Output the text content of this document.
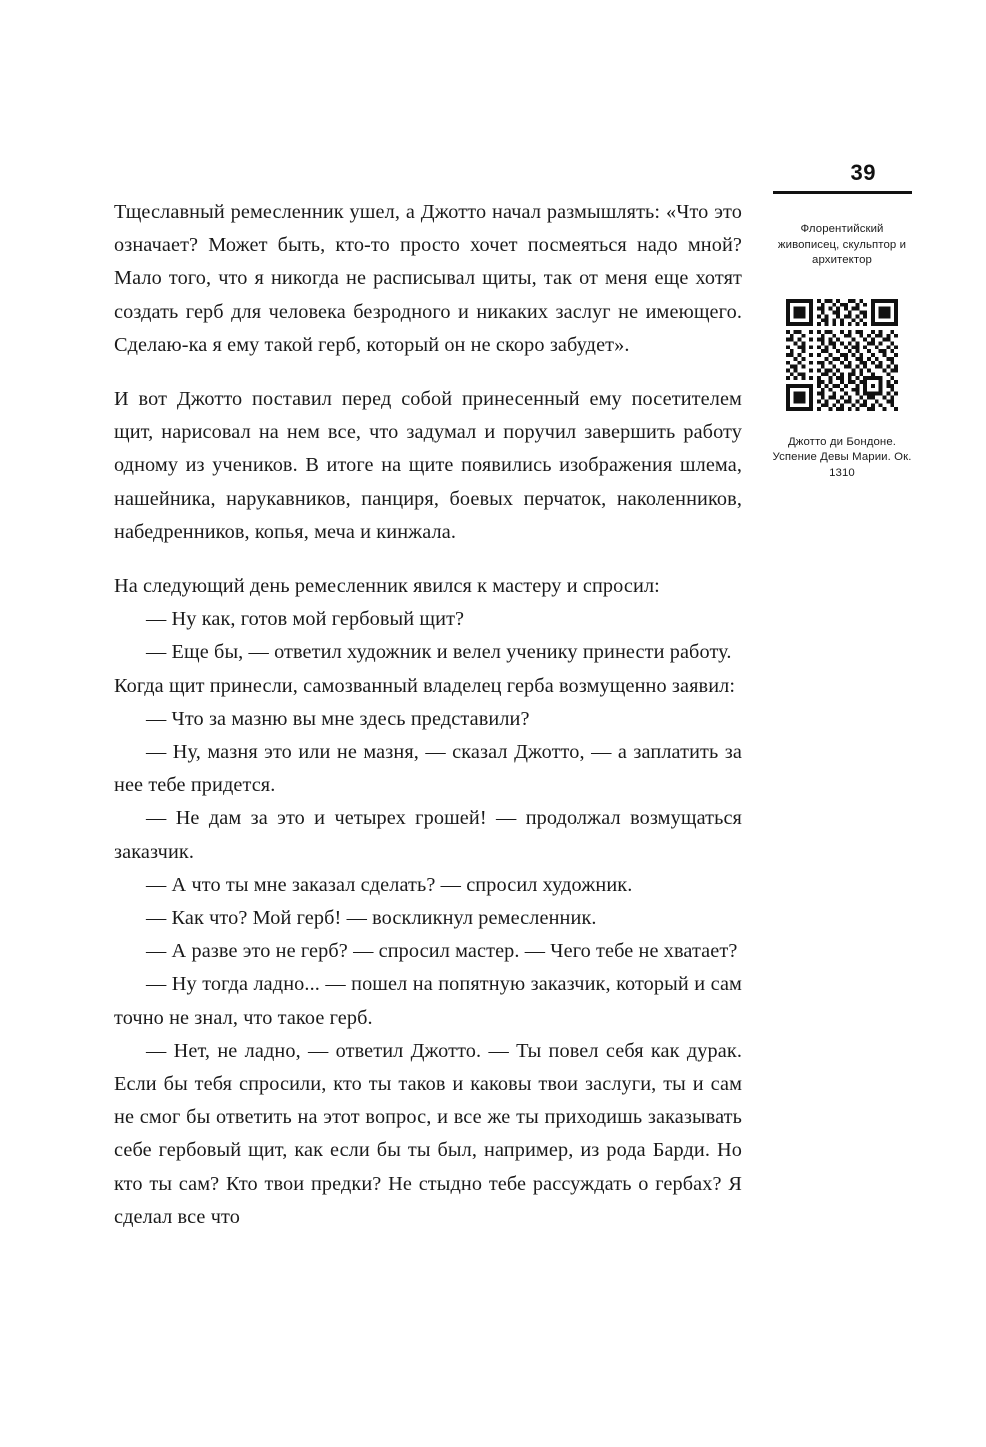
Тщеславный ремесленник ушел, а Джотто начал размышлять: «Что это означает? Может быть, кто-то просто хочет посмеяться надо мной? Мало того, что я никогда не расписывал щиты, так от меня еще хотят создать герб для человека безродного и никаких заслуг не имеющего. Сделаю-ка я ему такой герб, который он не скоро забудет».

И вот Джотто поставил перед собой принесенный ему посетителем щит, нарисовал на нем все, что задумал и поручил завершить работу одному из учеников. В итоге на щите появились изображения шлема, нашейника, нарукавников, панциря, боевых перчаток, наколенников, набедренников, копья, меча и кинжала.

На следующий день ремесленник явился к мастеру и спросил:

— Ну как, готов мой гербовый щит?

— Еще бы, — ответил художник и велел ученику принести работу.

Когда щит принесли, самозванный владелец герба возмущенно заявил:

— Что за мазню вы мне здесь представили?

— Ну, мазня это или не мазня, — сказал Джотто, — а заплатить за нее тебе придется.

— Не дам за это и четырех грошей! — продолжал возмущаться заказчик.

— А что ты мне заказал сделать? — спросил художник.

— Как что? Мой герб! — воскликнул ремесленник.

— А разве это не герб? — спросил мастер. — Чего тебе не хватает?

— Ну тогда ладно... — пошел на попятную заказчик, который и сам точно не знал, что такое герб.

— Нет, не ладно, — ответил Джотто. — Ты повел себя как дурак. Если бы тебя спросили, кто ты таков и каковы твои заслуги, ты и сам не смог бы ответить на этот вопрос, и все же ты приходишь заказывать себе гербовый щит, как если бы ты был, например, из рода Барди. Но кто ты сам? Кто твои предки? Не стыдно тебе рассуждать о гербах? Я сделал все что

39
Флорентийский живописец, скульптор и архитектор
Джотто ди Бондоне. Успение Девы Марии. Ок. 1310
